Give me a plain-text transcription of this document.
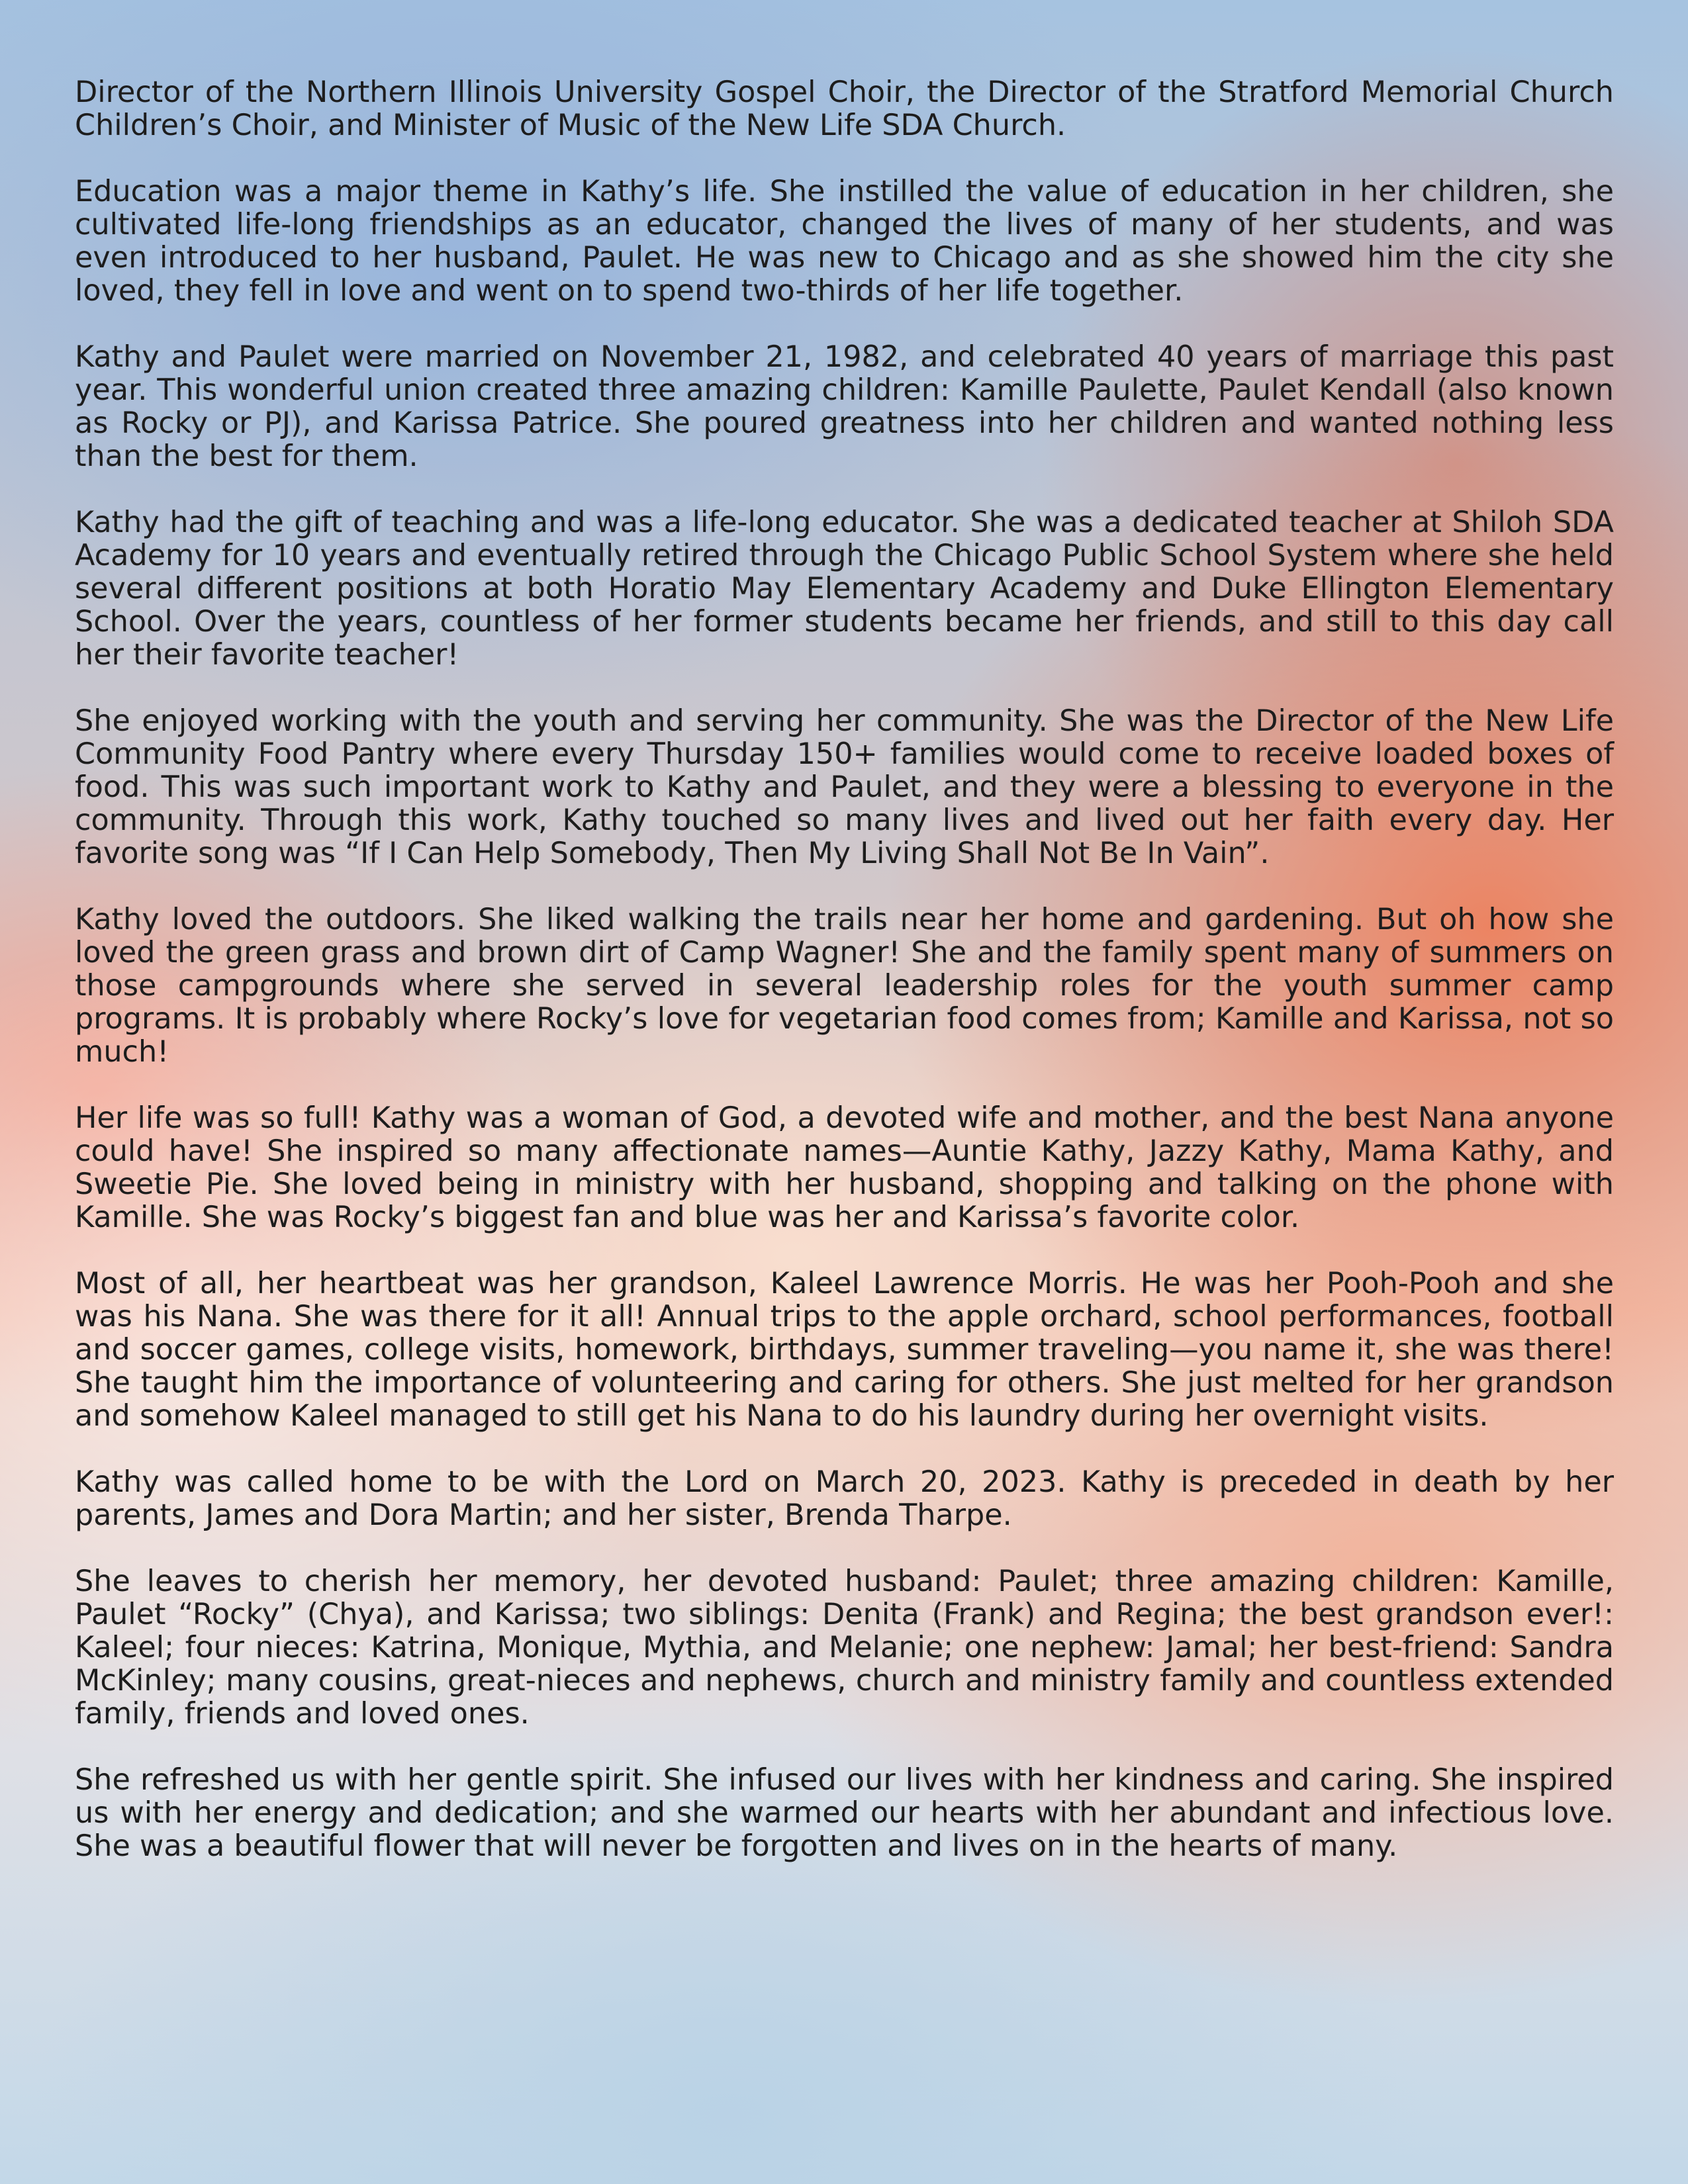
Director of the Northern Illinois University Gospel Choir, the Director of the Stratford Memorial Church Children’s Choir, and Minister of Music of the New Life SDA Church.

Education was a major theme in Kathy’s life. She instilled the value of education in her children, she cultivated life-long friendships as an educator, changed the lives of many of her students, and was even introduced to her husband, Paulet. He was new to Chicago and as she showed him the city she loved, they fell in love and went on to spend two-thirds of her life together.

Kathy and Paulet were married on November 21, 1982, and celebrated 40 years of marriage this past year. This wonderful union created three amazing children: Kamille Paulette, Paulet Kendall (also known as Rocky or PJ), and Karissa Patrice. She poured greatness into her children and wanted nothing less than the best for them.

Kathy had the gift of teaching and was a life-long educator. She was a dedicated teacher at Shiloh SDA Academy for 10 years and eventually retired through the Chicago Public School System where she held several different positions at both Horatio May Elementary Academy and Duke Ellington Elementary School. Over the years, countless of her former students became her friends, and still to this day call her their favorite teacher!

She enjoyed working with the youth and serving her community. She was the Director of the New Life Community Food Pantry where every Thursday 150+ families would come to receive loaded boxes of food. This was such important work to Kathy and Paulet, and they were a blessing to everyone in the community. Through this work, Kathy touched so many lives and lived out her faith every day. Her favorite song was “If I Can Help Somebody, Then My Living Shall Not Be In Vain”.

Kathy loved the outdoors. She liked walking the trails near her home and gardening. But oh how she loved the green grass and brown dirt of Camp Wagner! She and the family spent many of summers on those campgrounds where she served in several leadership roles for the youth summer camp programs. It is probably where Rocky’s love for vegetarian food comes from; Kamille and Karissa, not so much!

Her life was so full! Kathy was a woman of God, a devoted wife and mother, and the best Nana anyone could have! She inspired so many affectionate names—Auntie Kathy, Jazzy Kathy, Mama Kathy, and Sweetie Pie. She loved being in ministry with her husband, shopping and talking on the phone with Kamille. She was Rocky’s biggest fan and blue was her and Karissa’s favorite color.

Most of all, her heartbeat was her grandson, Kaleel Lawrence Morris. He was her Pooh-Pooh and she was his Nana. She was there for it all! Annual trips to the apple orchard, school performances, football and soccer games, college visits, homework, birthdays, summer traveling—you name it, she was there! She taught him the importance of volunteering and caring for others. She just melted for her grandson and somehow Kaleel managed to still get his Nana to do his laundry during her overnight visits.

Kathy was called home to be with the Lord on March 20, 2023. Kathy is preceded in death by her parents, James and Dora Martin; and her sister, Brenda Tharpe.

She leaves to cherish her memory, her devoted husband: Paulet; three amazing children: Kamille, Paulet “Rocky” (Chya), and Karissa; two siblings: Denita (Frank) and Regina; the best grandson ever!: Kaleel; four nieces: Katrina, Monique, Mythia, and Melanie; one nephew: Jamal; her best-friend: Sandra McKinley; many cousins, great-nieces and nephews, church and ministry family and countless extended family, friends and loved ones.

She refreshed us with her gentle spirit. She infused our lives with her kindness and caring. She inspired us with her energy and dedication; and she warmed our hearts with her abundant and infectious love. She was a beautiful flower that will never be forgotten and lives on in the hearts of many.
